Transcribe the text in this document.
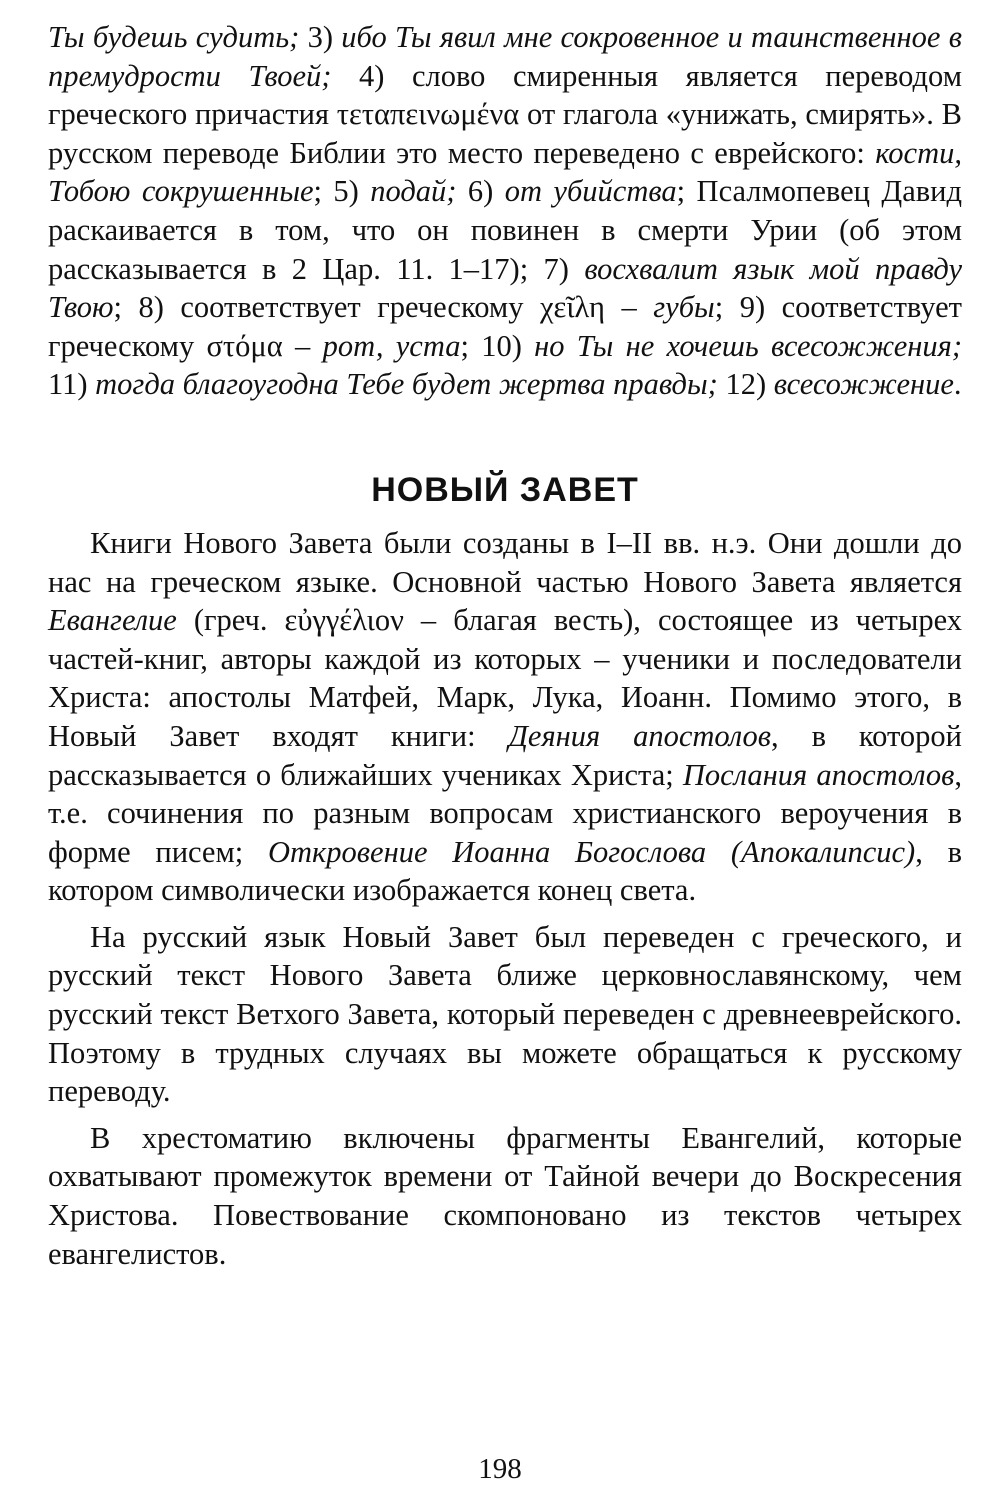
Ты будешь судить; 3) ибо Ты явил мне сокровенное и таинственное в премудрости Твоей; 4) слово смиренныя является переводом греческого причастия τεταπεινωμένα от глагола «унижать, смирять». В русском переводе Библии это место переведено с еврейского: кости, Тобою сокрушенные; 5) подай; 6) от убийства; Псалмопевец Давид раскаивается в том, что он повинен в смерти Урии (об этом рассказывается в 2 Цар. 11. 1–17); 7) восхвалит язык мой правду Твою; 8) соответствует греческому χεῖλη – губы; 9) соответствует греческому στόμα – рот, уста; 10) но Ты не хочешь всесожжения; 11) тогда благоугодна Тебе будет жертва правды; 12) всесожжение.

НОВЫЙ ЗАВЕТ

Книги Нового Завета были созданы в I–II вв. н.э. Они дошли до нас на греческом языке. Основной частью Нового Завета является Евангелие (греч. εὐγγέλιον – благая весть), состоящее из четырех частей-книг, авторы каждой из которых – ученики и последователи Христа: апостолы Матфей, Марк, Лука, Иоанн. Помимо этого, в Новый Завет входят книги: Деяния апостолов, в которой рассказывается о ближайших учениках Христа; Послания апостолов, т.е. сочинения по разным вопросам христианского вероучения в форме писем; Откровение Иоанна Богослова (Апокалипсис), в котором символически изображается конец света.

На русский язык Новый Завет был переведен с греческого, и русский текст Нового Завета ближе церковнославянскому, чем русский текст Ветхого Завета, который переведен с древнееврейского. Поэтому в трудных случаях вы можете обращаться к русскому переводу.

В хрестоматию включены фрагменты Евангелий, которые охватывают промежуток времени от Тайной вечери до Воскресения Христова. Повествование скомпоновано из текстов четырех евангелистов.

198
